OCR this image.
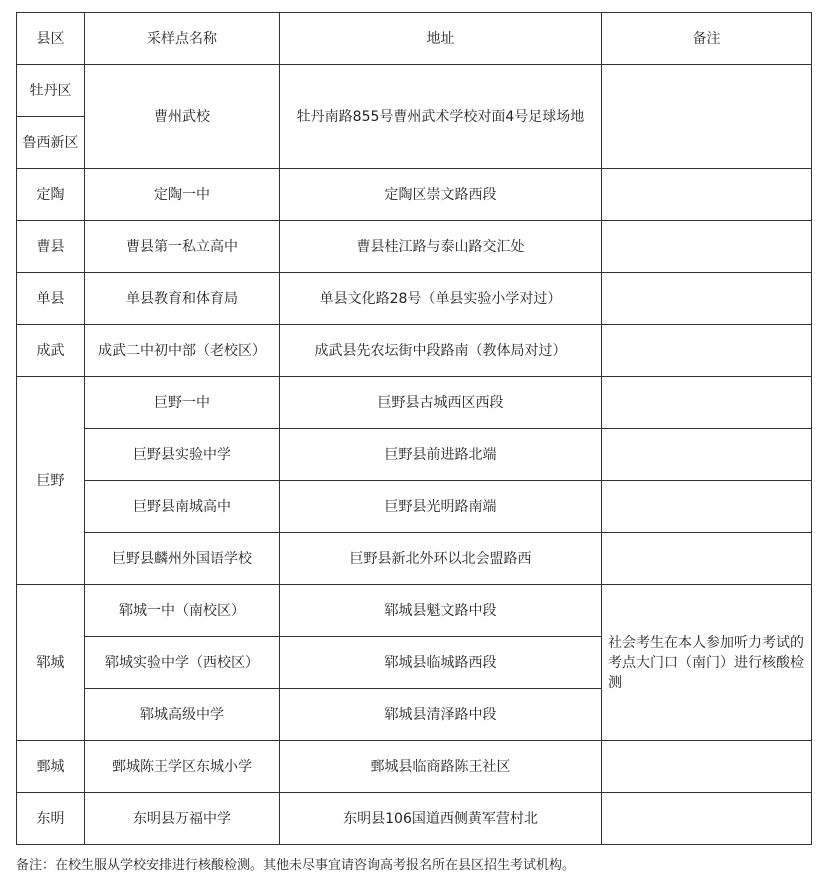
县区	采样点名称	地址	备注
牡丹区	曹州武校	牡丹南路855号曹州武术学校对面4号足球场地	
鲁西新区			
定陶	定陶一中	定陶区崇文路西段	
曹县	曹县第一私立高中	曹县桂江路与泰山路交汇处	
单县	单县教育和体育局	单县文化路28号（单县实验小学对过）	
成武	成武二中初中部（老校区）	成武县先农坛街中段路南（教体局对过）	
巨野	巨野一中	巨野县古城西区西段	
	巨野县实验中学	巨野县前进路北端	
	巨野县南城高中	巨野县光明路南端	
	巨野县麟州外国语学校	巨野县新北外环以北会盟路西	
郓城	郓城一中（南校区）	郓城县魁文路中段	社会考生在本人参加听力考试的考点大门口（南门）进行核酸检测
	郓城实验中学（西校区）	郓城县临城路西段	
	郓城高级中学	郓城县清泽路中段	
鄄城	鄄城陈王学区东城小学	鄄城县临商路陈王社区	
东明	东明县万福中学	东明县106国道西侧黄军营村北	
备注：在校生服从学校安排进行核酸检测。其他未尽事宜请咨询高考报名所在县区招生考试机构。
